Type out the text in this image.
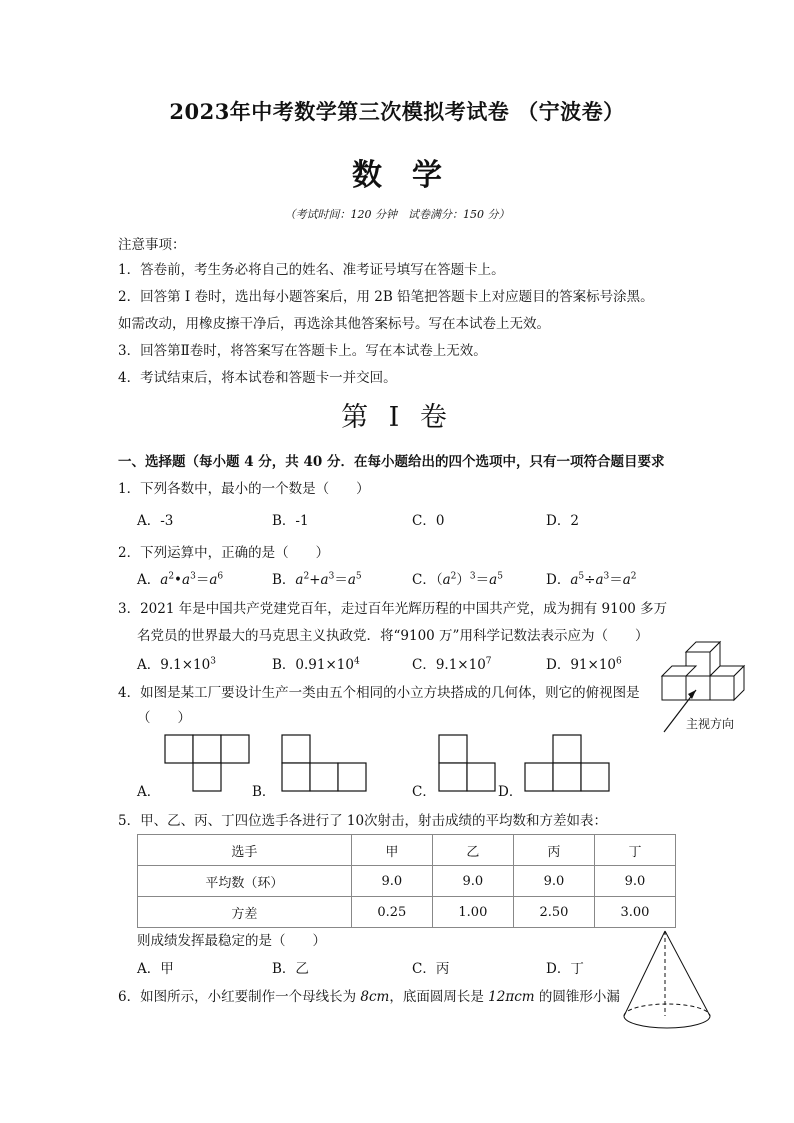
2023年中考数学第三次模拟考试卷 （宁波卷）
数学
（考试时间：120 分钟　试卷满分：150 分）
注意事项：
1．答卷前，考生务必将自己的姓名、准考证号填写在答题卡上。
2．回答第 I 卷时，选出每小题答案后，用 2B 铅笔把答题卡上对应题目的答案标号涂黑。
如需改动，用橡皮擦干净后，再选涂其他答案标号。写在本试卷上无效。
3．回答第Ⅱ卷时，将答案写在答题卡上。写在本试卷上无效。
4．考试结束后，将本试卷和答题卡一并交回。
第 I 卷
一、选择题（每小题 4 分，共 40 分．在每小题给出的四个选项中，只有一项符合题目要求
1．下列各数中，最小的一个数是（　　）
A．-3	B．-1	C．0	D．2
2．下列运算中，正确的是（　　）
A．$a^2•a^3=a^6$	B．$a^2+a^3=a^5$	C．$(a^2)^3=a^5$	D．$a^5\div a^3=a^2$
3．2021 年是中国共产党建党百年，走过百年光辉历程的中国共产党，成为拥有 9100 多万
名党员的世界最大的马克思主义执政党．将“9100 万”用科学记数法表示应为（　　）
A．$9.1\times 10^3$	B．$0.91\times 10^4$	C．$9.1\times 10^7$	D．$91\times 10^6$
4．如图是某工厂要设计生产一类由五个相同的小立方块搭成的几何体，则它的俯视图是
（　　）	主视方向
A．	B．	C．	D．
5．甲、乙、丙、丁四位选手各进行了 10次射击，射击成绩的平均数和方差如表：
选手	甲	乙	丙	丁
平均数（环）	9.0	9.0	9.0	9.0
方差	0.25	1.00	2.50	3.00
则成绩发挥最稳定的是（　　）
A．甲	B．乙	C．丙	D．丁
6．如图所示，小红要制作一个母线长为 8cm，底面圆周长是 12πcm 的圆锥形小漏
